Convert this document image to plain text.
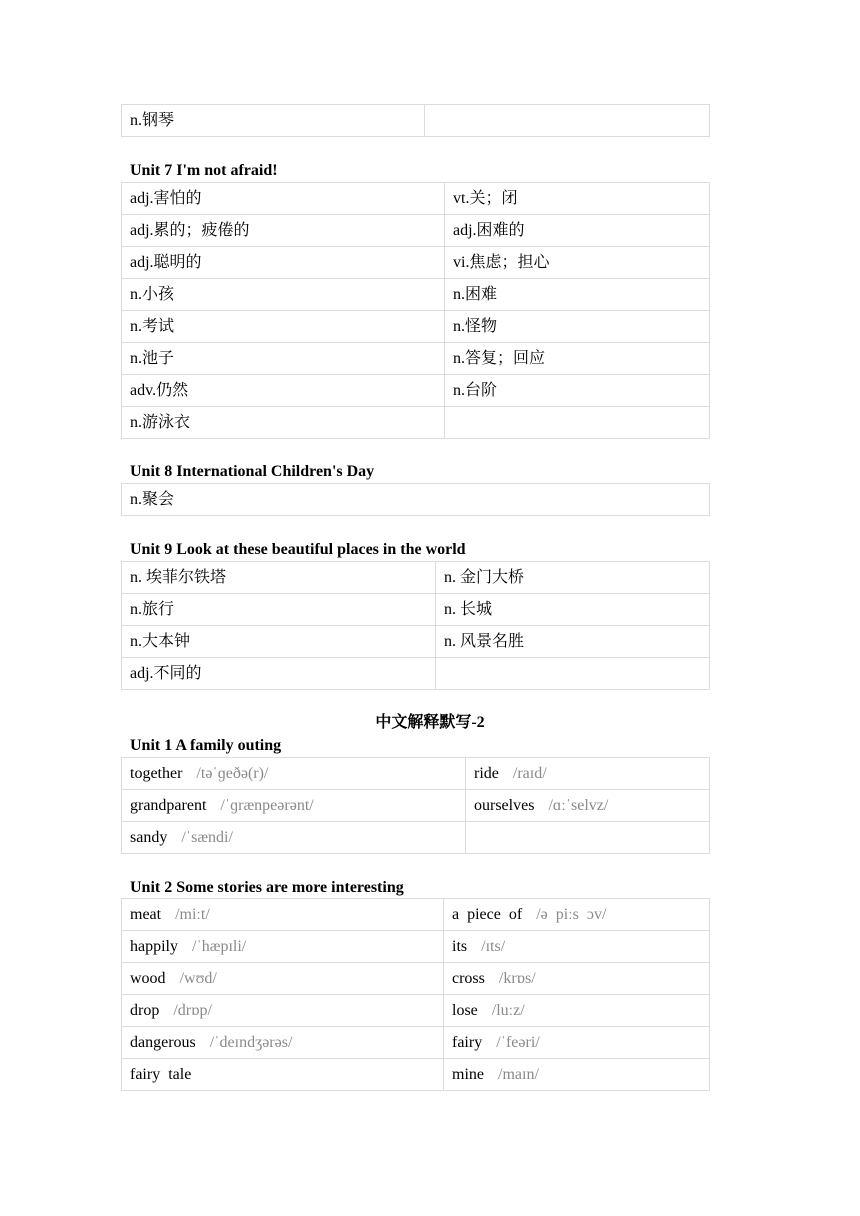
n.钢琴	
Unit 7 I'm not afraid!
adj.害怕的	vt.关；闭
adj.累的；疲倦的	adj.困难的
adj.聪明的	vi.焦虑；担心
n.小孩	n.困难
n.考试	n.怪物
n.池子	n.答复；回应
adv.仍然	n.台阶
n.游泳衣	
Unit 8 International Children's Day
n.聚会
Unit 9 Look at these beautiful places in the world
n. 埃菲尔铁塔	n. 金门大桥
n.旅行	n. 长城
n.大本钟	n. 风景名胜
adj.不同的	
中文解释默写-2
Unit 1 A family outing
together /təˈɡeðə(r)/	ride /raɪd/
grandparent /ˈɡrænpeərənt/	ourselves /ɑːˈselvz/
sandy /ˈsændi/	
Unit 2 Some stories are more interesting
meat /miːt/	a  piece  of /ə  piːs  ɔv/
happily /ˈhæpɪli/	its /ɪts/
wood /wʊd/	cross /krɒs/
drop /drɒp/	lose /luːz/
dangerous /ˈdeɪndʒərəs/	fairy /ˈfeəri/
fairy  tale	mine /maɪn/
